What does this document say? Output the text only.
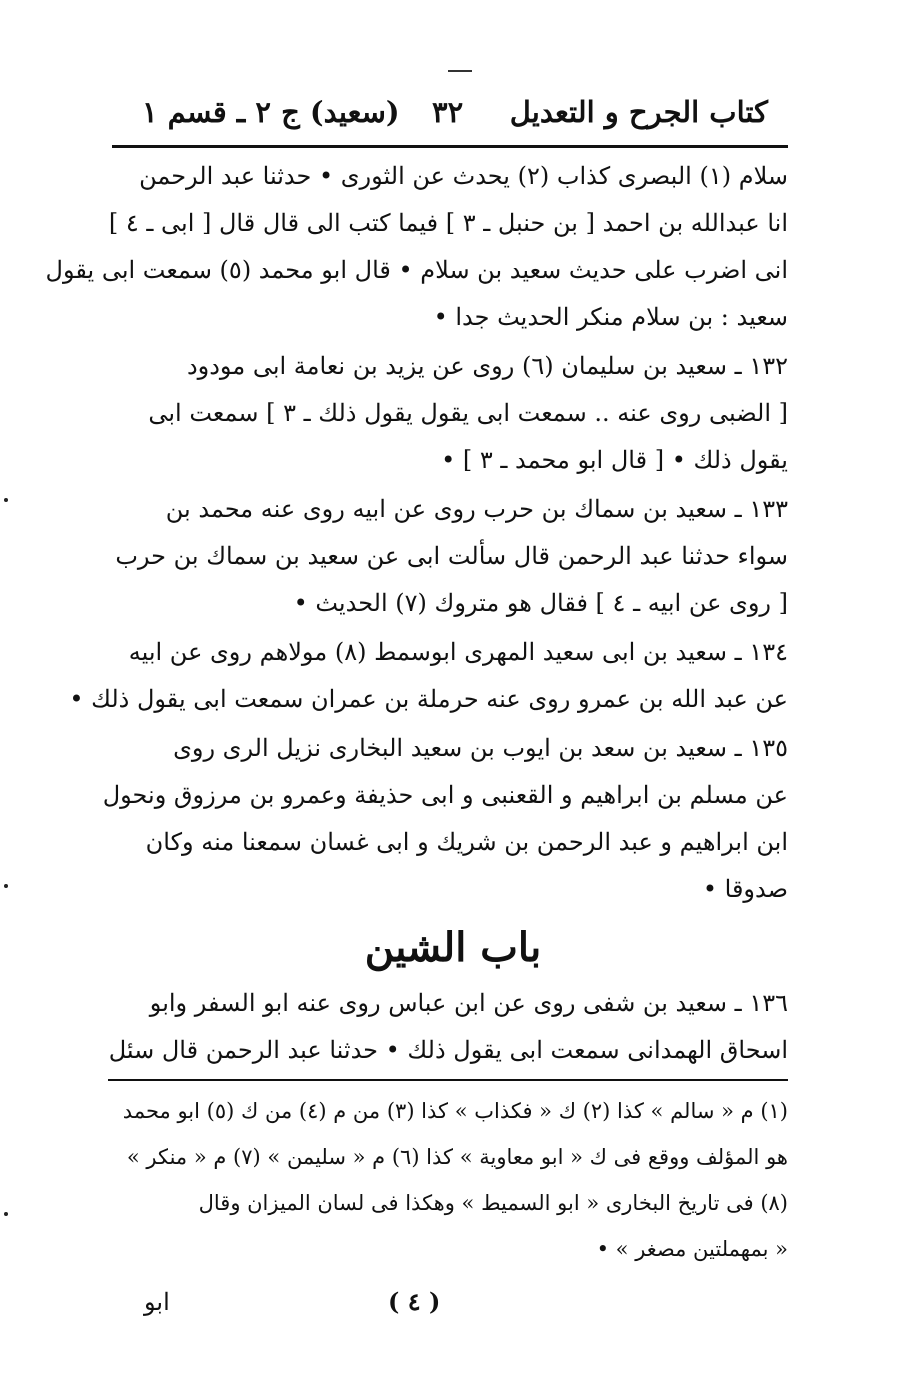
كتاب الجرح و التعديل
٣٢
(سعيد) ج ٢ ـ قسم ١

سلام (١) البصرى كذاب (٢) يحدث عن الثورى • حدثنا عبد الرحمن

انا عبدالله بن احمد [ بن حنبل ـ ٣ ] فيما كتب الى قال قال [ ابى ـ ٤ ]

انى اضرب على حديث سعيد بن سلام • قال ابو محمد (٥) سمعت ابى يقول

سعيد : بن سلام منكر الحديث جدا •

١٣٢ ـ سعيد بن سليمان (٦) روى عن يزيد بن نعامة ابى مودود

[ الضبى روى عنه .. سمعت ابى يقول يقول ذلك ـ ٣ ] سمعت ابى

يقول ذلك • [ قال ابو محمد ـ ٣ ] •

١٣٣ ـ سعيد بن سماك بن حرب روى عن ابيه روى عنه محمد بن

سواء حدثنا عبد الرحمن قال سألت ابى عن سعيد بن سماك بن حرب

[ روى عن ابيه ـ ٤ ] فقال هو متروك (٧) الحديث •

١٣٤ ـ سعيد بن ابى سعيد المهرى ابوسمط (٨) مولاهم روى عن ابيه

عن عبد الله بن عمرو روى عنه حرملة بن عمران سمعت ابى يقول ذلك •

١٣٥ ـ سعيد بن سعد بن ايوب بن سعيد البخارى نزيل الرى روى

عن مسلم بن ابراهيم و القعنبى و ابى حذيفة وعمرو بن مرزوق ونحول

ابن ابراهيم و عبد الرحمن بن شريك و ابى غسان سمعنا منه وكان

صدوقا •

باب الشين

١٣٦ ـ سعيد بن شفى روى عن ابن عباس روى عنه ابو السفر وابو

اسحاق الهمدانى سمعت ابى يقول ذلك • حدثنا عبد الرحمن قال سئل

(١) م « سالم » كذا (٢) ك « فكذاب » كذا (٣) من م (٤) من ك (٥) ابو محمد

هو المؤلف ووقع فى ك « ابو معاوية » كذا (٦) م « سليمن » (٧) م « منكر »

(٨) فى تاريخ البخارى « ابو السميط » وهكذا فى لسان الميزان وقال

« بمهملتين مصغر » •

( ٤ )
ابو
